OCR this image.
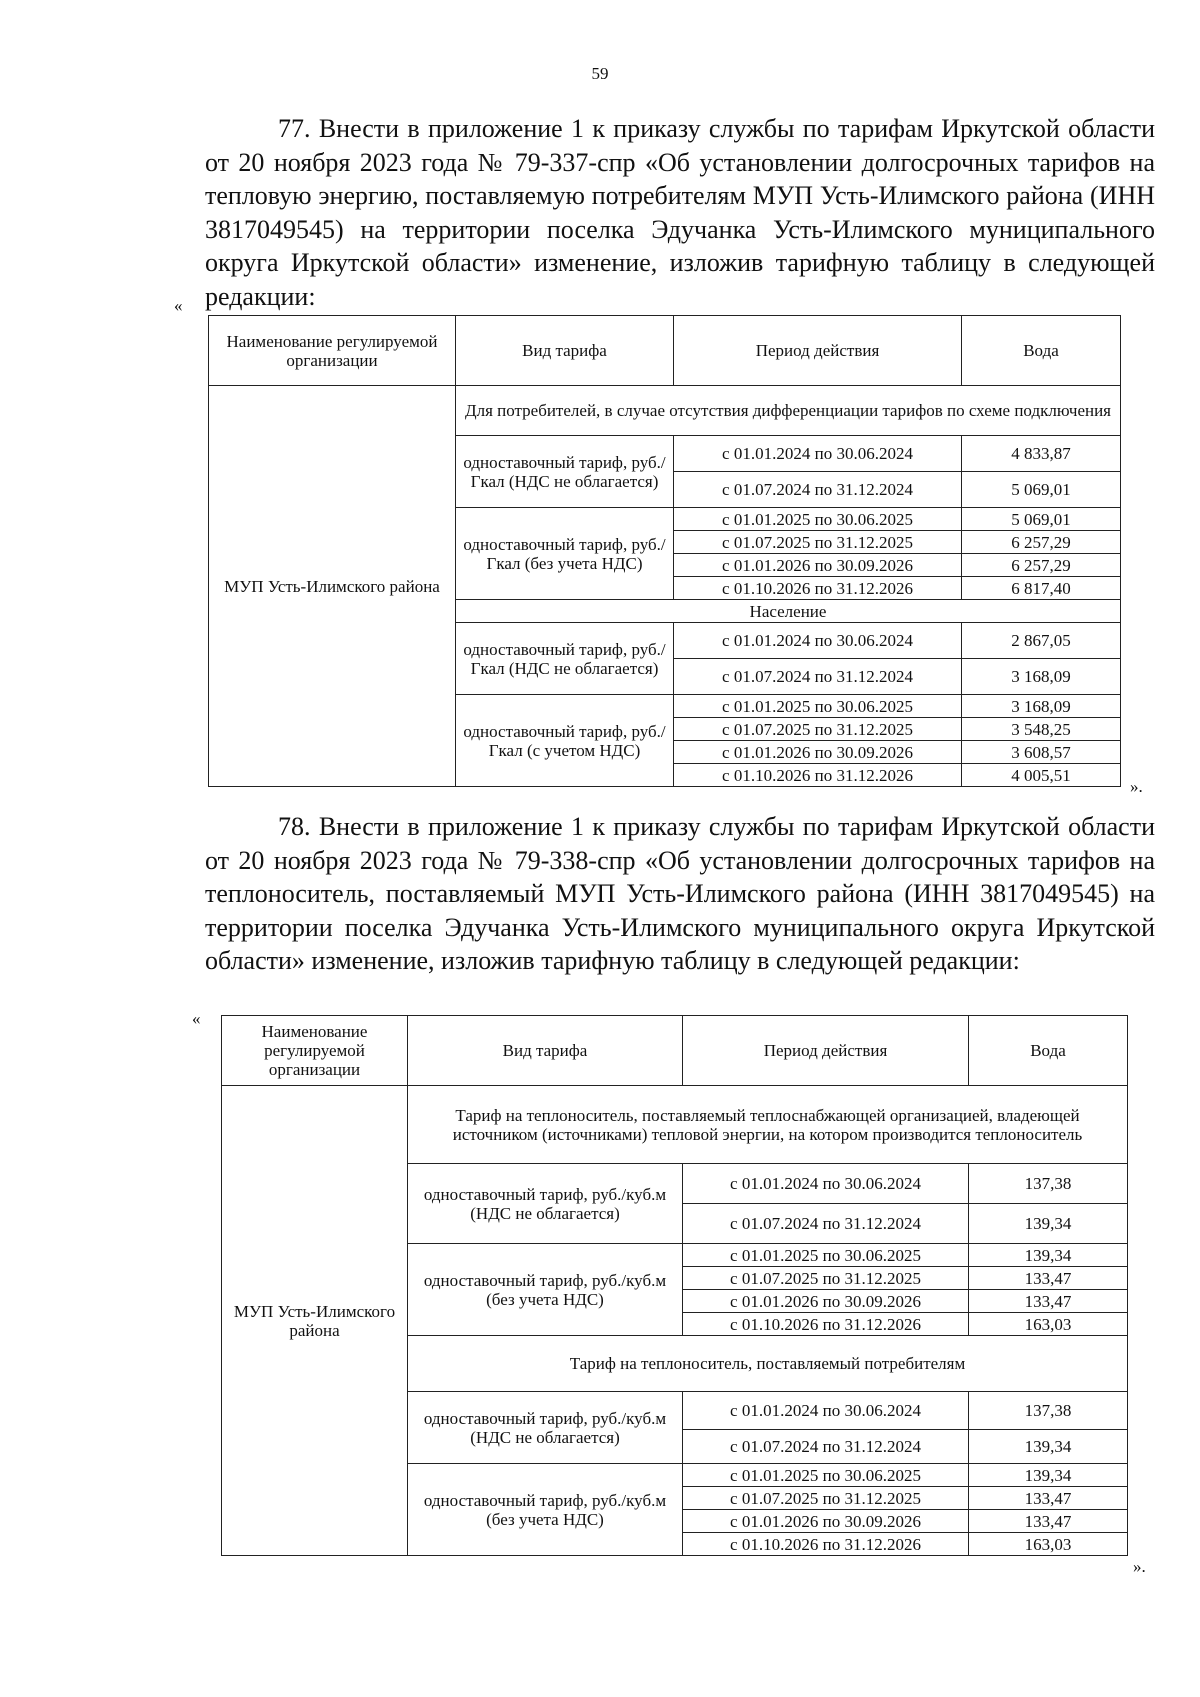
59

77. Внести в приложение 1 к приказу службы по тарифам Иркутской области от 20 ноября 2023 года № 79-337-спр «Об установлении долгосрочных тарифов на тепловую энергию, поставляемую потребителям МУП Усть-Илимского района (ИНН 3817049545) на территории поселка Эдучанка Усть-Илимского муниципального округа Иркутской области» изменение, изложив тарифную таблицу в следующей редакции:

«
Наименование регулируемой организации	Вид тарифа	Период действия	Вода
МУП Усть-Илимского района	Для потребителей, в случае отсутствия дифференциации тарифов по схеме подключения		
	одноставочный тариф, руб./Гкал (НДС не облагается)	с 01.01.2024 по 30.06.2024	4 833,87
		с 01.07.2024 по 31.12.2024	5 069,01
	одноставочный тариф, руб./Гкал (без учета НДС)	с 01.01.2025 по 30.06.2025	5 069,01
		с 01.07.2025 по 31.12.2025	6 257,29
		с 01.01.2026 по 30.09.2026	6 257,29
		с 01.10.2026 по 31.12.2026	6 817,40
	Население		
	одноставочный тариф, руб./Гкал (НДС не облагается)	с 01.01.2024 по 30.06.2024	2 867,05
		с 01.07.2024 по 31.12.2024	3 168,09
	одноставочный тариф, руб./Гкал (с учетом НДС)	с 01.01.2025 по 30.06.2025	3 168,09
		с 01.07.2025 по 31.12.2025	3 548,25
		с 01.01.2026 по 30.09.2026	3 608,57
		с 01.10.2026 по 31.12.2026	4 005,51
».

78. Внести в приложение 1 к приказу службы по тарифам Иркутской области от 20 ноября 2023 года № 79-338-спр «Об установлении долгосрочных тарифов на теплоноситель, поставляемый МУП Усть-Илимского района (ИНН 3817049545) на территории поселка Эдучанка Усть-Илимского муниципального округа Иркутской области» изменение, изложив тарифную таблицу в следующей редакции:

«
Наименование регулируемой организации	Вид тарифа	Период действия	Вода
МУП Усть-Илимского района	Тариф на теплоноситель, поставляемый теплоснабжающей организацией, владеющей источником (источниками) тепловой энергии, на котором производится теплоноситель		
	одноставочный тариф, руб./куб.м (НДС не облагается)	с 01.01.2024 по 30.06.2024	137,38
		с 01.07.2024 по 31.12.2024	139,34
	одноставочный тариф, руб./куб.м (без учета НДС)	с 01.01.2025 по 30.06.2025	139,34
		с 01.07.2025 по 31.12.2025	133,47
		с 01.01.2026 по 30.09.2026	133,47
		с 01.10.2026 по 31.12.2026	163,03
	Тариф на теплоноситель, поставляемый потребителям		
	одноставочный тариф, руб./куб.м (НДС не облагается)	с 01.01.2024 по 30.06.2024	137,38
		с 01.07.2024 по 31.12.2024	139,34
	одноставочный тариф, руб./куб.м (без учета НДС)	с 01.01.2025 по 30.06.2025	139,34
		с 01.07.2025 по 31.12.2025	133,47
		с 01.01.2026 по 30.09.2026	133,47
		с 01.10.2026 по 31.12.2026	163,03
».
